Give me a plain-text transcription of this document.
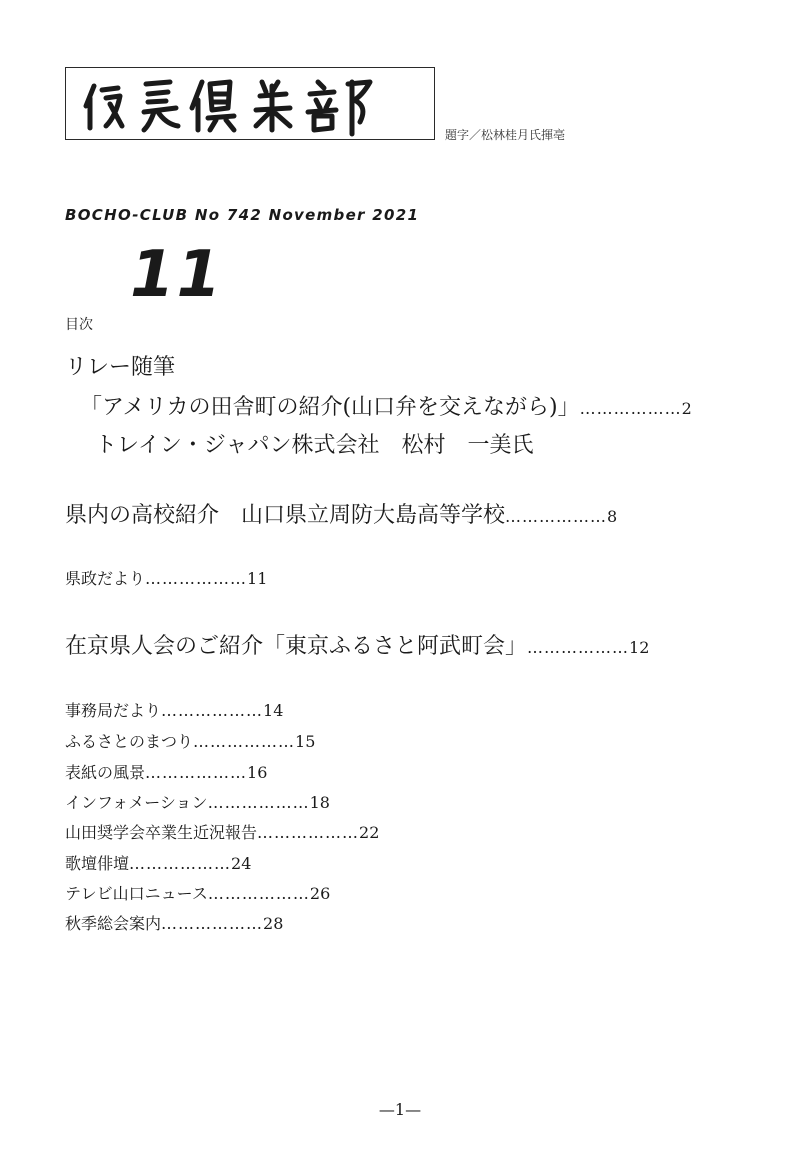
題字／松林桂月氏揮亳
BOCHO-CLUB No 742 November 2021
11
目次
リレー随筆
「アメリカの田舎町の紹介(山口弁を交えながら)」………………2
トレイン・ジャパン株式会社　松村　一美氏
県内の高校紹介　山口県立周防大島高等学校………………8
県政だより………………11
在京県人会のご紹介「東京ふるさと阿武町会」………………12
事務局だより………………14
ふるさとのまつり………………15
表紙の風景………………16
インフォメーション………………18
山田奨学会卒業生近況報告………………22
歌壇俳壇………………24
テレビ山口ニュース………………26
秋季総会案内………………28
—1—
